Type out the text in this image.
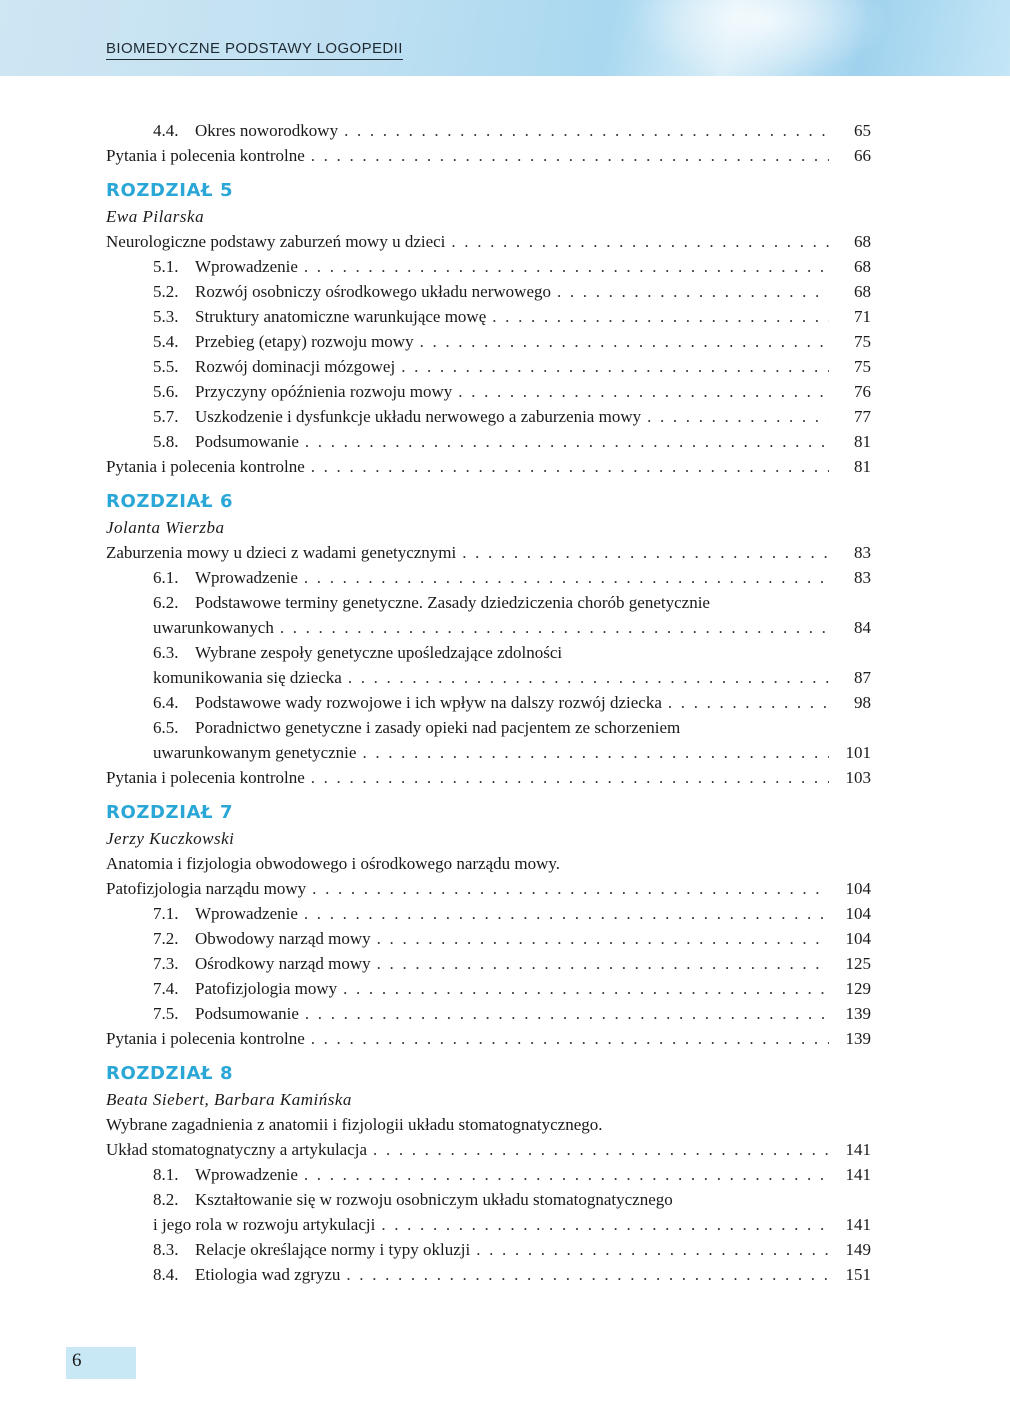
BIOMEDYCZNE PODSTAWY LOGOPEDII
4.4. Okres noworodkowy . . .	65
Pytania i polecenia kontrolne . . .	66
ROZDZIAŁ 5
Ewa Pilarska
Neurologiczne podstawy zaburzeń mowy u dzieci . . .	68
5.1. Wprowadzenie . . .	68
5.2. Rozwój osobniczy ośrodkowego układu nerwowego . . .	68
5.3. Struktury anatomiczne warunkujące mowę . . .	71
5.4. Przebieg (etapy) rozwoju mowy . . .	75
5.5. Rozwój dominacji mózgowej . . .	75
5.6. Przyczyny opóźnienia rozwoju mowy . . .	76
5.7. Uszkodzenie i dysfunkcje układu nerwowego a zaburzenia mowy . . .	77
5.8. Podsumowanie . . .	81
Pytania i polecenia kontrolne . . .	81
ROZDZIAŁ 6
Jolanta Wierzba
Zaburzenia mowy u dzieci z wadami genetycznymi . . .	83
6.1. Wprowadzenie . . .	83
6.2. Podstawowe terminy genetyczne. Zasady dziedziczenia chorób genetycznie
uwarunkowanych . . .	84
6.3. Wybrane zespoły genetyczne upośledzające zdolności
komunikowania się dziecka . . .	87
6.4. Podstawowe wady rozwojowe i ich wpływ na dalszy rozwój dziecka . . .	98
6.5. Poradnictwo genetyczne i zasady opieki nad pacjentem ze schorzeniem
uwarunkowanym genetycznie . . .	101
Pytania i polecenia kontrolne . . .	103
ROZDZIAŁ 7
Jerzy Kuczkowski
Anatomia i fizjologia obwodowego i ośrodkowego narządu mowy.
Patofizjologia narządu mowy . . .	104
7.1. Wprowadzenie . . .	104
7.2. Obwodowy narząd mowy . . .	104
7.3. Ośrodkowy narząd mowy . . .	125
7.4. Patofizjologia mowy . . .	129
7.5. Podsumowanie . . .	139
Pytania i polecenia kontrolne . . .	139
ROZDZIAŁ 8
Beata Siebert, Barbara Kamińska
Wybrane zagadnienia z anatomii i fizjologii układu stomatognatycznego.
Układ stomatognatyczny a artykulacja . . .	141
8.1. Wprowadzenie . . .	141
8.2. Kształtowanie się w rozwoju osobniczym układu stomatognatycznego
i jego rola w rozwoju artykulacji . . .	141
8.3. Relacje określające normy i typy okluzji . . .	149
8.4. Etiologia wad zgryzu . . .	151
6
